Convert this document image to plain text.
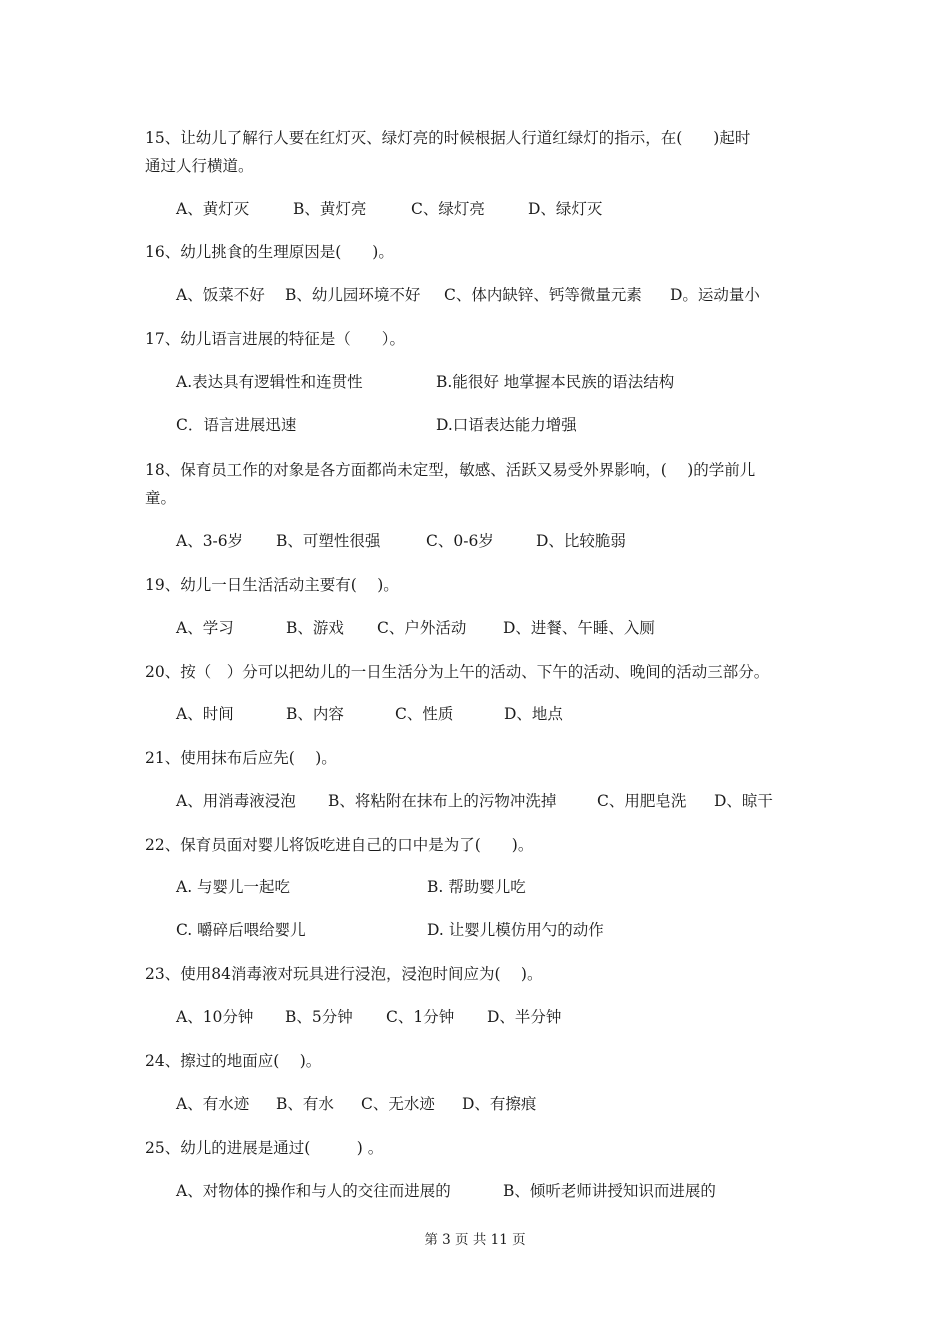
15、让幼儿了解行人要在红灯灭、绿灯亮的时候根据人行道红绿灯的指示，在(　　)起时
通过人行横道。
A、黄灯灭	B、黄灯亮	C、绿灯亮	D、绿灯灭
16、幼儿挑食的生理原因是(　　)。
A、饭菜不好 B、幼儿园环境不好 C、体内缺锌、钙等微量元素 D。运动量小
17、幼儿语言进展的特征是（　　）。
A.表达具有逻辑性和连贯性	B.能很好 地掌握本民族的语法结构
C．语言进展迅速	D.口语表达能力增强
18、保育员工作的对象是各方面都尚未定型，敏感、活跃又易受外界影响，(　 )的学前儿
童。
A、3-6岁 B、可塑性很强	C、0-6岁	D、比较脆弱
19、幼儿一日生活活动主要有(　 )。
A、学习	B、游戏 C、户外活动 D、进餐、午睡、入厕
20、按（　）分可以把幼儿的一日生活分为上午的活动、下午的活动、晚间的活动三部分。
A、时间	B、内容	C、性质	D、地点
21、使用抹布后应先(　 )。
A、用消毒液浸泡 B、将粘附在抹布上的污物冲洗掉	C、用肥皂洗 D、晾干
22、保育员面对婴儿将饭吃进自己的口中是为了(　　)。
A. 与婴儿一起吃	B. 帮助婴儿吃
C. 嚼碎后喂给婴儿	D. 让婴儿模仿用勺的动作
23、使用84消毒液对玩具进行浸泡，浸泡时间应为(　 )。
A、10分钟 B、5分钟 C、1分钟 D、半分钟
24、擦过的地面应(　 )。
A、有水迹 B、有水 C、无水迹 D、有擦痕
25、幼儿的进展是通过(　　　) 。
A、对物体的操作和与人的交往而进展的	B、倾听老师讲授知识而进展的
第 3 页 共 11 页
